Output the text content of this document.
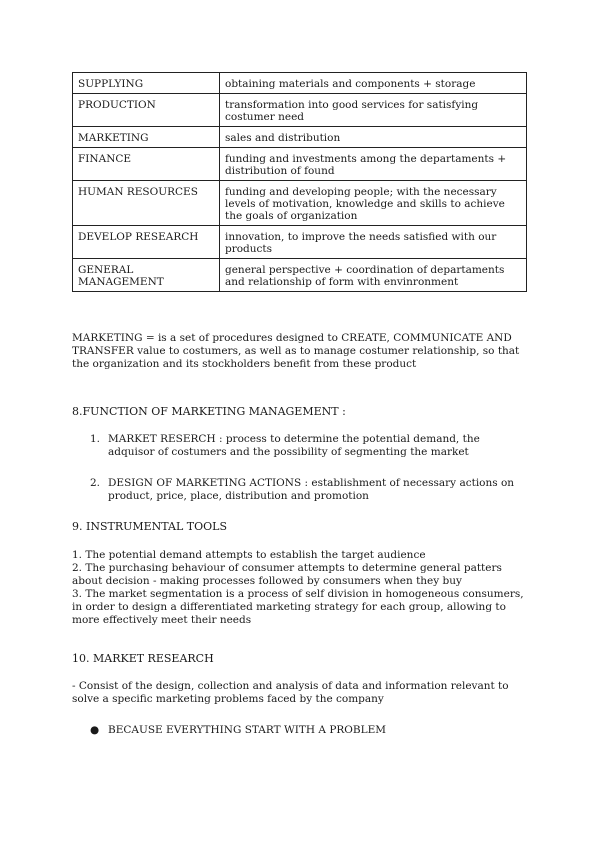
SUPPLYING	obtaining materials and components + storage
PRODUCTION	transformation into good services for satisfying costumer need
MARKETING	sales and distribution
FINANCE	funding and investments among the departaments + distribution of found
HUMAN RESOURCES	funding and developing people; with the necessary levels of motivation, knowledge and skills to achieve the goals of organization
DEVELOP RESEARCH	innovation, to improve the needs satisfied with our products
GENERAL MANAGEMENT	general perspective + coordination of departaments and relationship of form with envinronment
MARKETING = is a set of procedures designed to CREATE, COMMUNICATE AND TRANSFER value to costumers, as well as to manage costumer relationship, so that the organization and its stockholders benefit from these product
8.FUNCTION OF MARKETING MANAGEMENT :
1. MARKET RESERCH : process to determine the potential demand, the adquisor of costumers and the possibility of segmenting the market
2. DESIGN OF MARKETING ACTIONS : establishment of necessary actions on product, price, place, distribution and promotion
9. INSTRUMENTAL TOOLS
1. The potential demand attempts to establish the target audience
2. The purchasing behaviour of consumer attempts to determine general patters about decision - making processes followed by consumers when they buy
3. The market segmentation is a process of self division in homogeneous consumers, in order to design a differentiated marketing strategy for each group, allowing to more effectively meet their needs
10. MARKET RESEARCH
- Consist of the design, collection and analysis of data and information relevant to solve a specific marketing problems faced by the company
● BECAUSE EVERYTHING START WITH A PROBLEM
